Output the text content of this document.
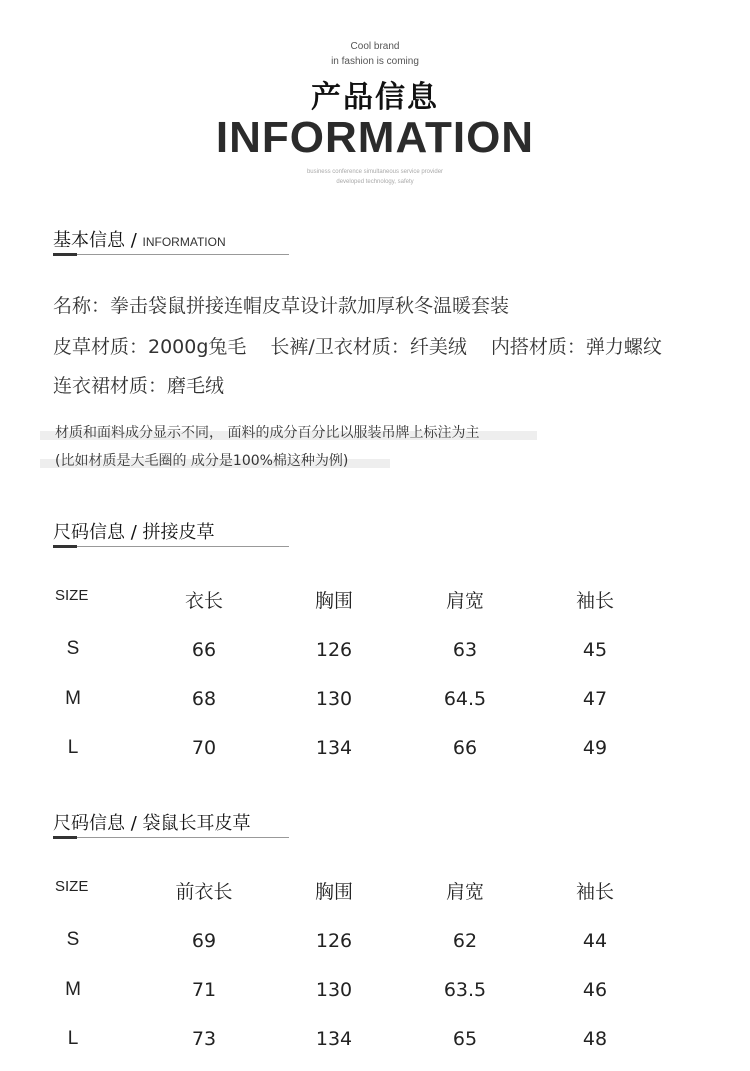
Cool brand
in fashion is coming
产品信息
INFORMATION
business conference simultaneous service provider
developed technology, safety
基本信息 / INFORMATION
名称：拳击袋鼠拼接连帽皮草设计款加厚秋冬温暖套装
皮草材质：2000g兔毛 长裤/卫衣材质：纤美绒 内搭材质：弹力螺纹
连衣裙材质：磨毛绒
材质和面料成分显示不同， 面料的成分百分比以服装吊牌上标注为主
(比如材质是大毛圈的 成分是100%棉这种为例)
尺码信息 / 拼接皮草
SIZE	衣长	胸围	肩宽	袖长
S	66	126	63	45
M	68	130	64.5	47
L	70	134	66	49
尺码信息 / 袋鼠长耳皮草
SIZE	前衣长	胸围	肩宽	袖长
S	69	126	62	44
M	71	130	63.5	46
L	73	134	65	48
